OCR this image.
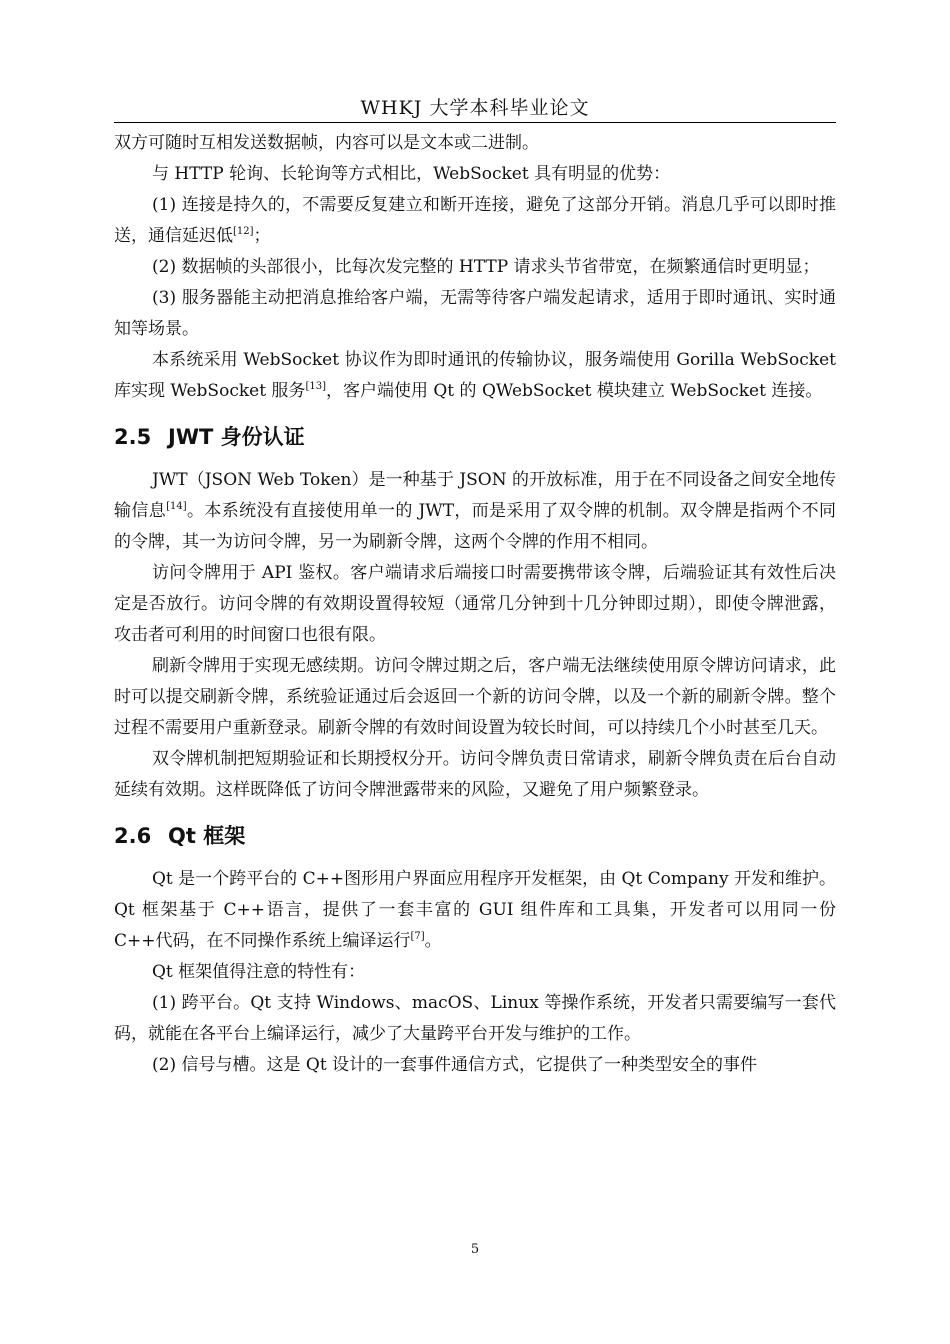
WHKJ 大学本科毕业论文

双方可随时互相发送数据帧，内容可以是文本或二进制。

与 HTTP 轮询、长轮询等方式相比，WebSocket 具有明显的优势：

(1) 连接是持久的，不需要反复建立和断开连接，避免了这部分开销。消息几乎可以即时推送，通信延迟低[12]；

(2) 数据帧的头部很小，比每次发完整的 HTTP 请求头节省带宽，在频繁通信时更明显；

(3) 服务器能主动把消息推给客户端，无需等待客户端发起请求，适用于即时通讯、实时通知等场景。

本系统采用 WebSocket 协议作为即时通讯的传输协议，服务端使用 Gorilla WebSocket 库实现 WebSocket 服务[13]，客户端使用 Qt 的 QWebSocket 模块建立 WebSocket 连接。

2.5 JWT 身份认证

JWT（JSON Web Token）是一种基于 JSON 的开放标准，用于在不同设备之间安全地传输信息[14]。本系统没有直接使用单一的 JWT，而是采用了双令牌的机制。双令牌是指两个不同的令牌，其一为访问令牌，另一为刷新令牌，这两个令牌的作用不相同。

访问令牌用于 API 鉴权。客户端请求后端接口时需要携带该令牌，后端验证其有效性后决定是否放行。访问令牌的有效期设置得较短（通常几分钟到十几分钟即过期），即使令牌泄露，攻击者可利用的时间窗口也很有限。

刷新令牌用于实现无感续期。访问令牌过期之后，客户端无法继续使用原令牌访问请求，此时可以提交刷新令牌，系统验证通过后会返回一个新的访问令牌，以及一个新的刷新令牌。整个过程不需要用户重新登录。刷新令牌的有效时间设置为较长时间，可以持续几个小时甚至几天。

双令牌机制把短期验证和长期授权分开。访问令牌负责日常请求，刷新令牌负责在后台自动延续有效期。这样既降低了访问令牌泄露带来的风险，又避免了用户频繁登录。

2.6 Qt 框架

Qt 是一个跨平台的 C++图形用户界面应用程序开发框架，由 Qt Company 开发和维护。Qt 框架基于 C++语言，提供了一套丰富的 GUI 组件库和工具集，开发者可以用同一份 C++代码，在不同操作系统上编译运行[7]。

Qt 框架值得注意的特性有：

(1) 跨平台。Qt 支持 Windows、macOS、Linux 等操作系统，开发者只需要编写一套代码，就能在各平台上编译运行，减少了大量跨平台开发与维护的工作。

(2) 信号与槽。这是 Qt 设计的一套事件通信方式，它提供了一种类型安全的事件

5
